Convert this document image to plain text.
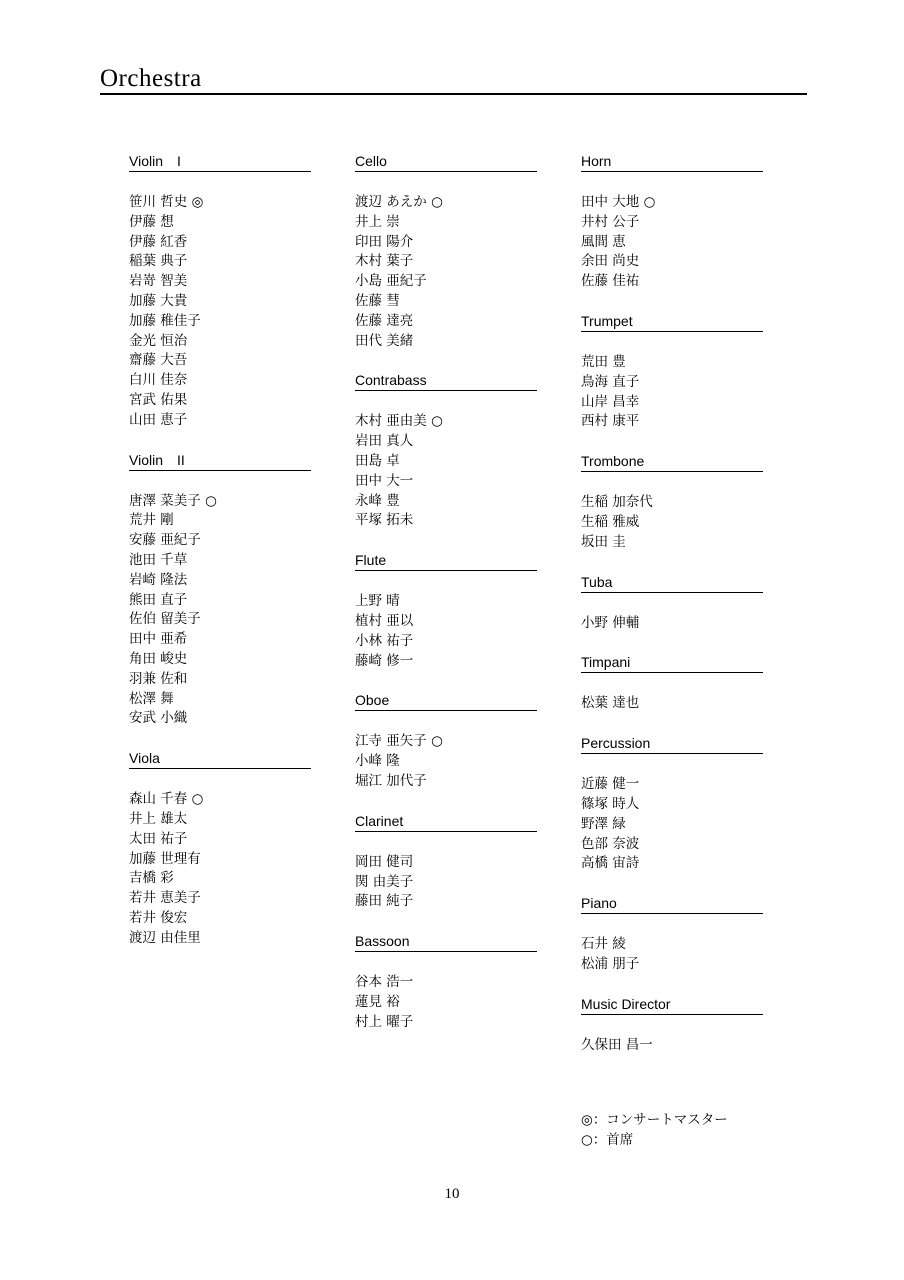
Orchestra
Violin　I
笹川 哲史 ◎
伊藤 想
伊藤 紅香
稲葉 典子
岩嵜 智美
加藤 大貴
加藤 稚佳子
金光 恒治
齋藤 大吾
白川 佳奈
宮武 佑果
山田 恵子
Violin　II
唐澤 菜美子 ○
荒井 剛
安藤 亜紀子
池田 千草
岩崎 隆法
熊田 直子
佐伯 留美子
田中 亜希
角田 峻史
羽兼 佐和
松澤 舞
安武 小織
Viola
森山 千春 ○
井上 雄太
太田 祐子
加藤 世理有
吉橋 彩
若井 恵美子
若井 俊宏
渡辺 由佳里
Cello
渡辺 あえか ○
井上 崇
印田 陽介
木村 葉子
小島 亜紀子
佐藤 彗
佐藤 達亮
田代 美緒
Contrabass
木村 亜由美 ○
岩田 真人
田島 卓
田中 大一
永峰 豊
平塚 拓未
Flute
上野 晴
植村 亜以
小林 祐子
藤崎 修一
Oboe
江寺 亜矢子 ○
小峰 隆
堀江 加代子
Clarinet
岡田 健司
関 由美子
藤田 純子
Bassoon
谷本 浩一
蓮見 裕
村上 曜子
Horn
田中 大地 ○
井村 公子
風間 恵
余田 尚史
佐藤 佳祐
Trumpet
荒田 豊
鳥海 直子
山岸 昌幸
西村 康平
Trombone
生稲 加奈代
生稲 雅威
坂田 圭
Tuba
小野 伸輔
Timpani
松葉 達也
Percussion
近藤 健一
篠塚 時人
野澤 緑
色部 奈波
高橋 宙詩
Piano
石井 綾
松浦 朋子
Music Director
久保田 昌一
◎：コンサートマスター
○：首席
10
